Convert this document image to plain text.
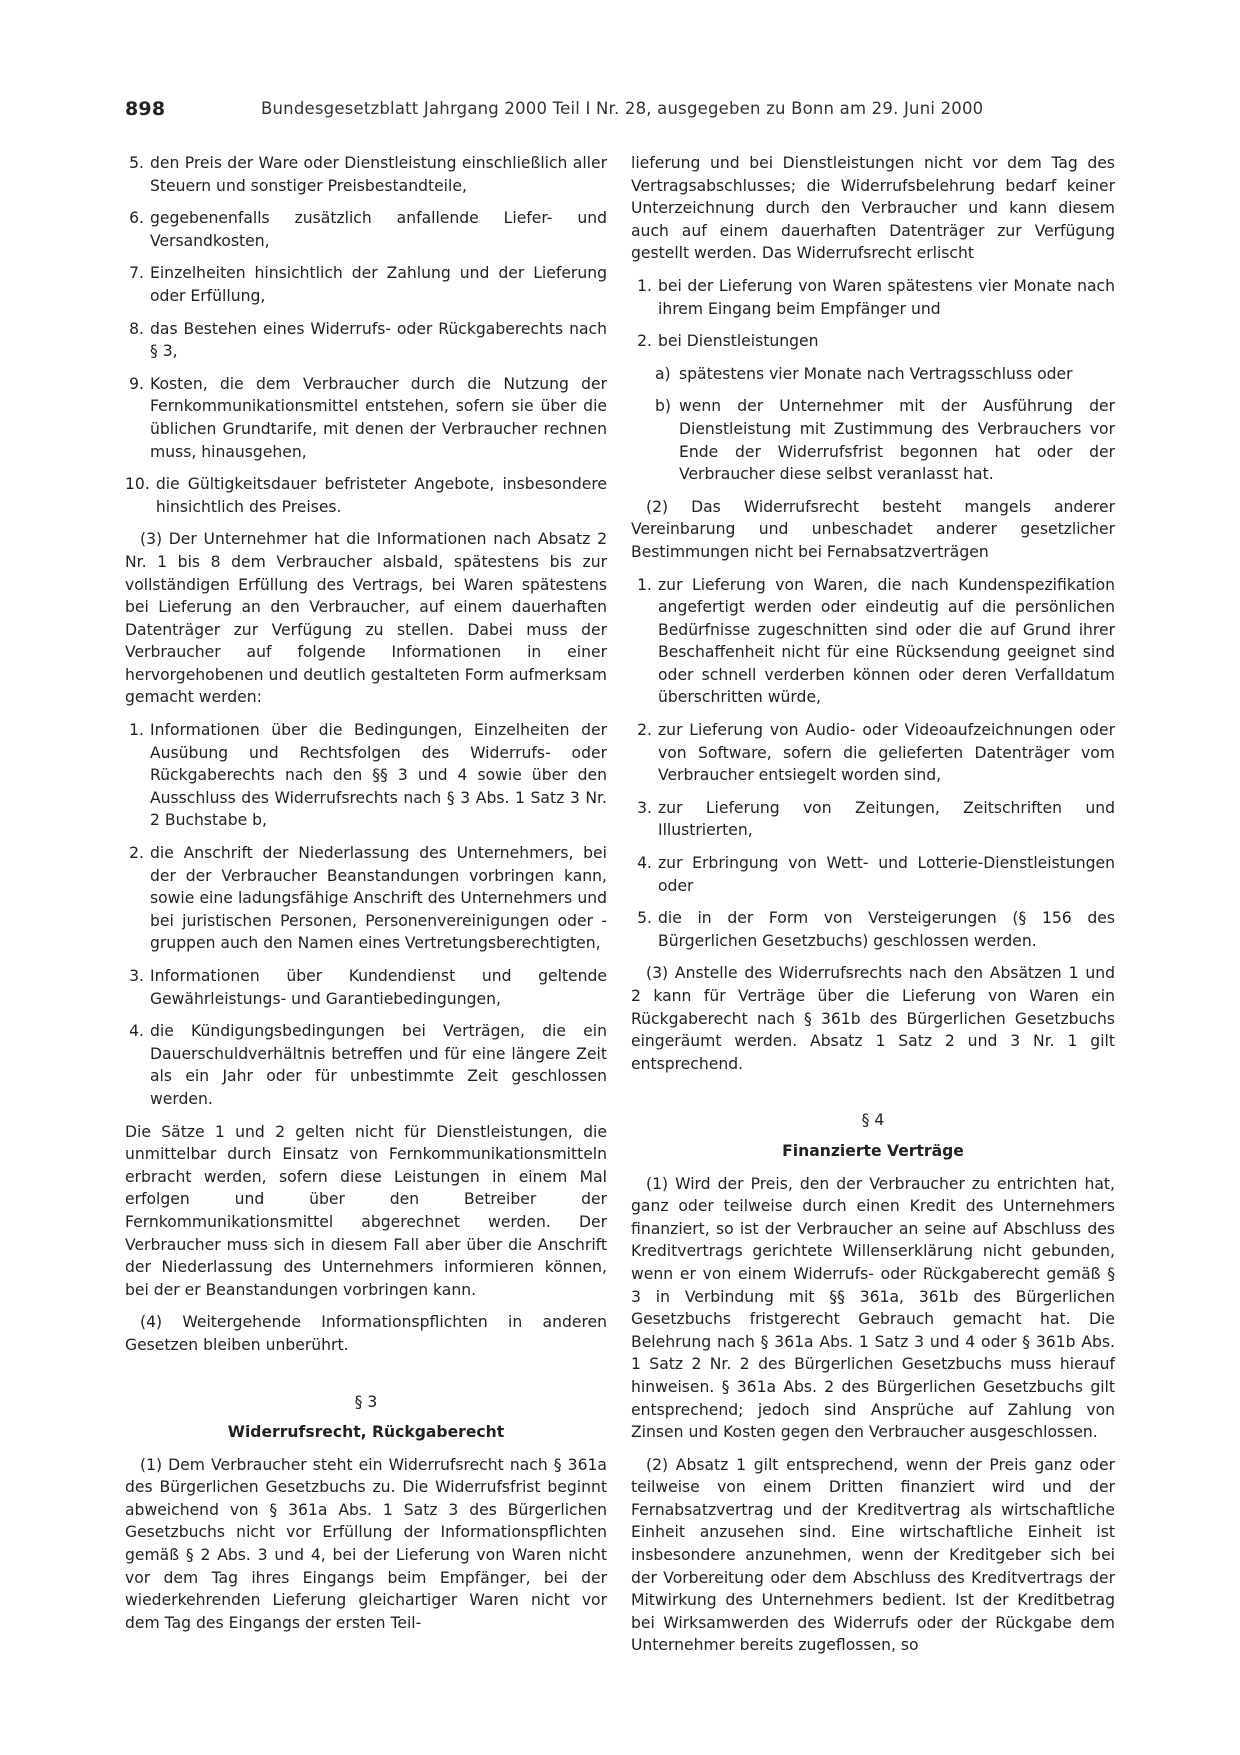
898	Bundesgesetzblatt Jahrgang 2000 Teil I Nr. 28, ausgegeben zu Bonn am 29. Juni 2000
5. den Preis der Ware oder Dienstleistung einschließlich aller Steuern und sonstiger Preisbestandteile,
6. gegebenenfalls zusätzlich anfallende Liefer- und Versandkosten,
7. Einzelheiten hinsichtlich der Zahlung und der Lieferung oder Erfüllung,
8. das Bestehen eines Widerrufs- oder Rückgaberechts nach § 3,
9. Kosten, die dem Verbraucher durch die Nutzung der Fernkommunikationsmittel entstehen, sofern sie über die üblichen Grundtarife, mit denen der Verbraucher rechnen muss, hinausgehen,
10. die Gültigkeitsdauer befristeter Angebote, insbesondere hinsichtlich des Preises.

(3) Der Unternehmer hat die Informationen nach Absatz 2 Nr. 1 bis 8 dem Verbraucher alsbald, spätestens bis zur vollständigen Erfüllung des Vertrags, bei Waren spätestens bei Lieferung an den Verbraucher, auf einem dauerhaften Datenträger zur Verfügung zu stellen. Dabei muss der Verbraucher auf folgende Informationen in einer hervorgehobenen und deutlich gestalteten Form aufmerksam gemacht werden:

1. Informationen über die Bedingungen, Einzelheiten der Ausübung und Rechtsfolgen des Widerrufs- oder Rückgaberechts nach den §§ 3 und 4 sowie über den Ausschluss des Widerrufsrechts nach § 3 Abs. 1 Satz 3 Nr. 2 Buchstabe b,
2. die Anschrift der Niederlassung des Unternehmers, bei der der Verbraucher Beanstandungen vorbringen kann, sowie eine ladungsfähige Anschrift des Unternehmers und bei juristischen Personen, Personenvereinigungen oder -gruppen auch den Namen eines Vertretungsberechtigten,
3. Informationen über Kundendienst und geltende Gewährleistungs- und Garantiebedingungen,
4. die Kündigungsbedingungen bei Verträgen, die ein Dauerschuldverhältnis betreffen und für eine längere Zeit als ein Jahr oder für unbestimmte Zeit geschlossen werden.

Die Sätze 1 und 2 gelten nicht für Dienstleistungen, die unmittelbar durch Einsatz von Fernkommunikationsmitteln erbracht werden, sofern diese Leistungen in einem Mal erfolgen und über den Betreiber der Fernkommunikationsmittel abgerechnet werden. Der Verbraucher muss sich in diesem Fall aber über die Anschrift der Niederlassung des Unternehmers informieren können, bei der er Beanstandungen vorbringen kann.

(4) Weitergehende Informationspflichten in anderen Gesetzen bleiben unberührt.

§ 3
Widerrufsrecht, Rückgaberecht

(1) Dem Verbraucher steht ein Widerrufsrecht nach § 361a des Bürgerlichen Gesetzbuchs zu. Die Widerrufsfrist beginnt abweichend von § 361a Abs. 1 Satz 3 des Bürgerlichen Gesetzbuchs nicht vor Erfüllung der Informationspflichten gemäß § 2 Abs. 3 und 4, bei der Lieferung von Waren nicht vor dem Tag ihres Eingangs beim Empfänger, bei der wiederkehrenden Lieferung gleichartiger Waren nicht vor dem Tag des Eingangs der ersten Teil-

lieferung und bei Dienstleistungen nicht vor dem Tag des Vertragsabschlusses; die Widerrufsbelehrung bedarf keiner Unterzeichnung durch den Verbraucher und kann diesem auch auf einem dauerhaften Datenträger zur Verfügung gestellt werden. Das Widerrufsrecht erlischt

1. bei der Lieferung von Waren spätestens vier Monate nach ihrem Eingang beim Empfänger und
2. bei Dienstleistungen
a) spätestens vier Monate nach Vertragsschluss oder
b) wenn der Unternehmer mit der Ausführung der Dienstleistung mit Zustimmung des Verbrauchers vor Ende der Widerrufsfrist begonnen hat oder der Verbraucher diese selbst veranlasst hat.

(2) Das Widerrufsrecht besteht mangels anderer Vereinbarung und unbeschadet anderer gesetzlicher Bestimmungen nicht bei Fernabsatzverträgen

1. zur Lieferung von Waren, die nach Kundenspezifikation angefertigt werden oder eindeutig auf die persönlichen Bedürfnisse zugeschnitten sind oder die auf Grund ihrer Beschaffenheit nicht für eine Rücksendung geeignet sind oder schnell verderben können oder deren Verfalldatum überschritten würde,
2. zur Lieferung von Audio- oder Videoaufzeichnungen oder von Software, sofern die gelieferten Datenträger vom Verbraucher entsiegelt worden sind,
3. zur Lieferung von Zeitungen, Zeitschriften und Illustrierten,
4. zur Erbringung von Wett- und Lotterie-Dienstleistungen oder
5. die in der Form von Versteigerungen (§ 156 des Bürgerlichen Gesetzbuchs) geschlossen werden.

(3) Anstelle des Widerrufsrechts nach den Absätzen 1 und 2 kann für Verträge über die Lieferung von Waren ein Rückgaberecht nach § 361b des Bürgerlichen Gesetzbuchs eingeräumt werden. Absatz 1 Satz 2 und 3 Nr. 1 gilt entsprechend.

§ 4
Finanzierte Verträge

(1) Wird der Preis, den der Verbraucher zu entrichten hat, ganz oder teilweise durch einen Kredit des Unternehmers finanziert, so ist der Verbraucher an seine auf Abschluss des Kreditvertrags gerichtete Willenserklärung nicht gebunden, wenn er von einem Widerrufs- oder Rückgaberecht gemäß § 3 in Verbindung mit §§ 361a, 361b des Bürgerlichen Gesetzbuchs fristgerecht Gebrauch gemacht hat. Die Belehrung nach § 361a Abs. 1 Satz 3 und 4 oder § 361b Abs. 1 Satz 2 Nr. 2 des Bürgerlichen Gesetzbuchs muss hierauf hinweisen. § 361a Abs. 2 des Bürgerlichen Gesetzbuchs gilt entsprechend; jedoch sind Ansprüche auf Zahlung von Zinsen und Kosten gegen den Verbraucher ausgeschlossen.

(2) Absatz 1 gilt entsprechend, wenn der Preis ganz oder teilweise von einem Dritten finanziert wird und der Fernabsatzvertrag und der Kreditvertrag als wirtschaftliche Einheit anzusehen sind. Eine wirtschaftliche Einheit ist insbesondere anzunehmen, wenn der Kreditgeber sich bei der Vorbereitung oder dem Abschluss des Kreditvertrags der Mitwirkung des Unternehmers bedient. Ist der Kreditbetrag bei Wirksamwerden des Widerrufs oder der Rückgabe dem Unternehmer bereits zugeflossen, so
